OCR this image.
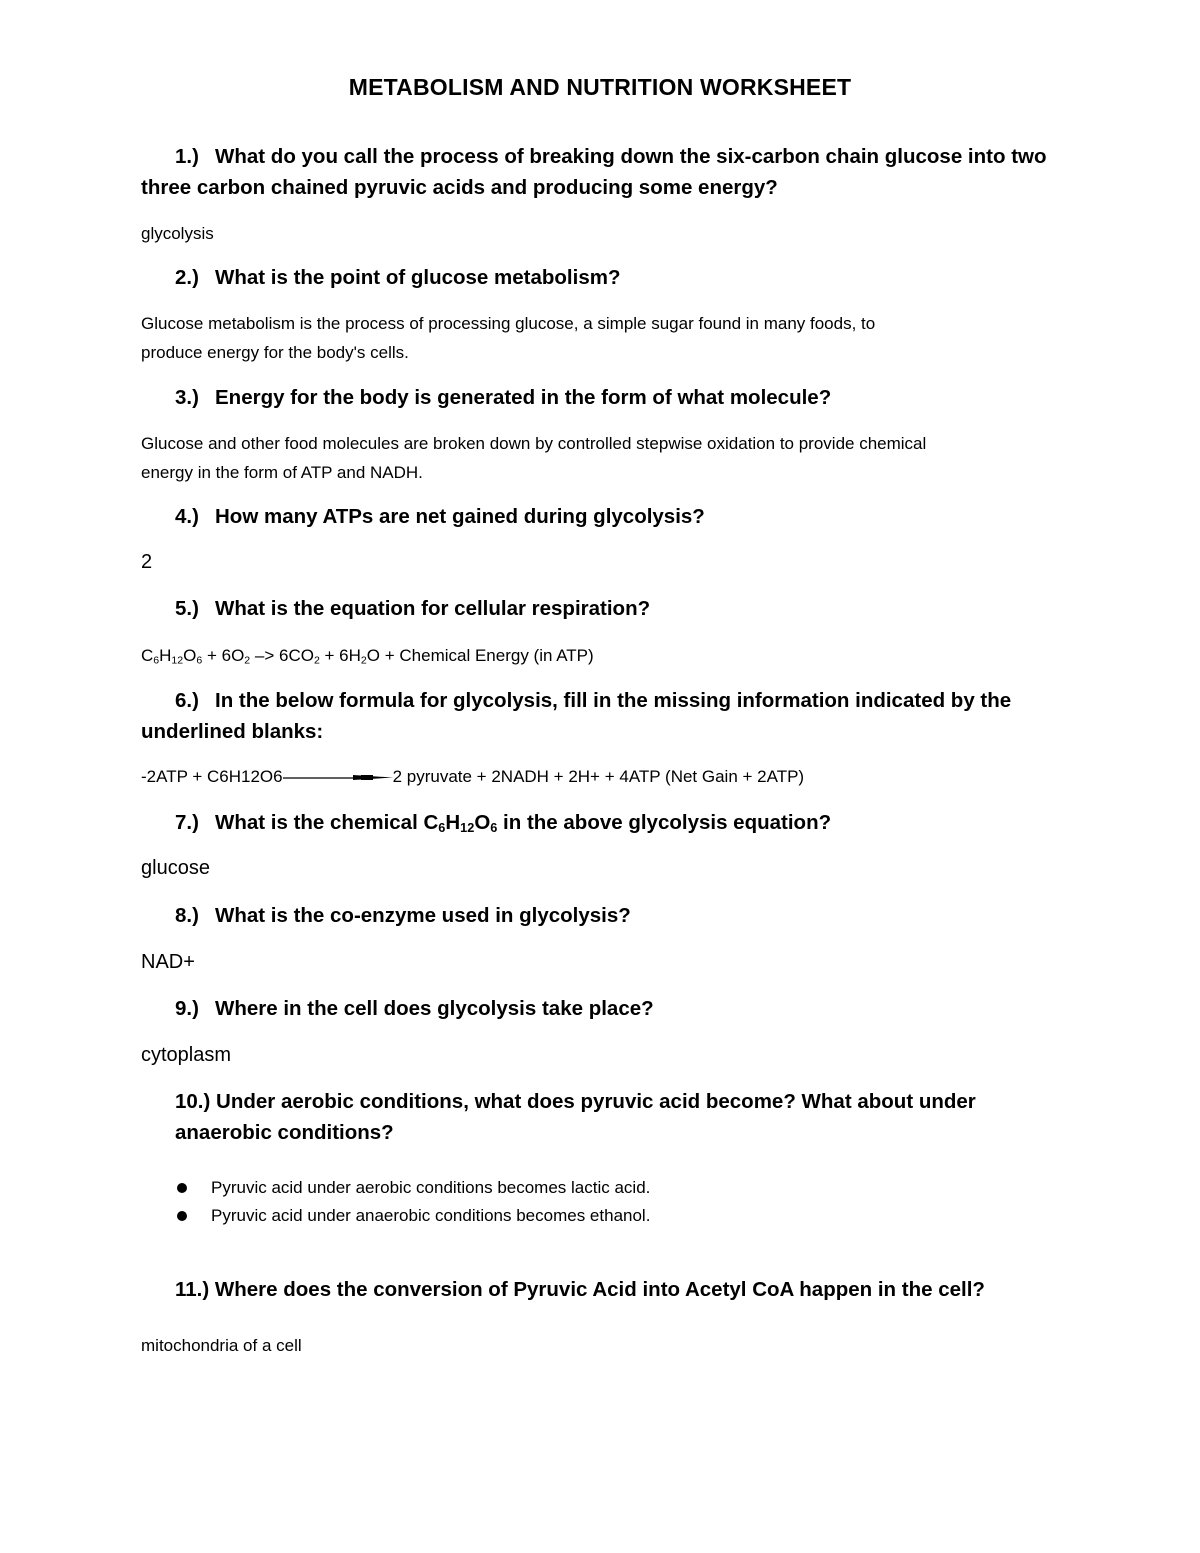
METABOLISM AND NUTRITION WORKSHEET
1.) What do you call the process of breaking down the six-carbon chain glucose into two
three carbon chained pyruvic acids and producing some energy?
glycolysis
2.) What is the point of glucose metabolism?
Glucose metabolism is the process of processing glucose, a simple sugar found in many foods, to
produce energy for the body's cells.
3.) Energy for the body is generated in the form of what molecule?
Glucose and other food molecules are broken down by controlled stepwise oxidation to provide chemical
energy in the form of ATP and NADH.
4.) How many ATPs are net gained during glycolysis?
2
5.) What is the equation for cellular respiration?
$C_6H_{12}O_6 + 6O_2 -> 6CO_2 + 6H_2O$ + Chemical Energy (in ATP)
6.) In the below formula for glycolysis, fill in the missing information indicated by the
underlined blanks:
-2ATP + C6H12O6	2 pyruvate + 2NADH + 2H+ + 4ATP (Net Gain + 2ATP)
7.) What is the chemical $C_6H_{12}O_6$ in the above glycolysis equation?
glucose
8.) What is the co-enzyme used in glycolysis?
NAD+
9.) Where in the cell does glycolysis take place?
cytoplasm
10.) Under aerobic conditions, what does pyruvic acid become? What about under
anaerobic conditions?
Pyruvic acid under aerobic conditions becomes lactic acid.
Pyruvic acid under anaerobic conditions becomes ethanol.
11.) Where does the conversion of Pyruvic Acid into Acetyl CoA happen in the cell?
mitochondria of a cell
